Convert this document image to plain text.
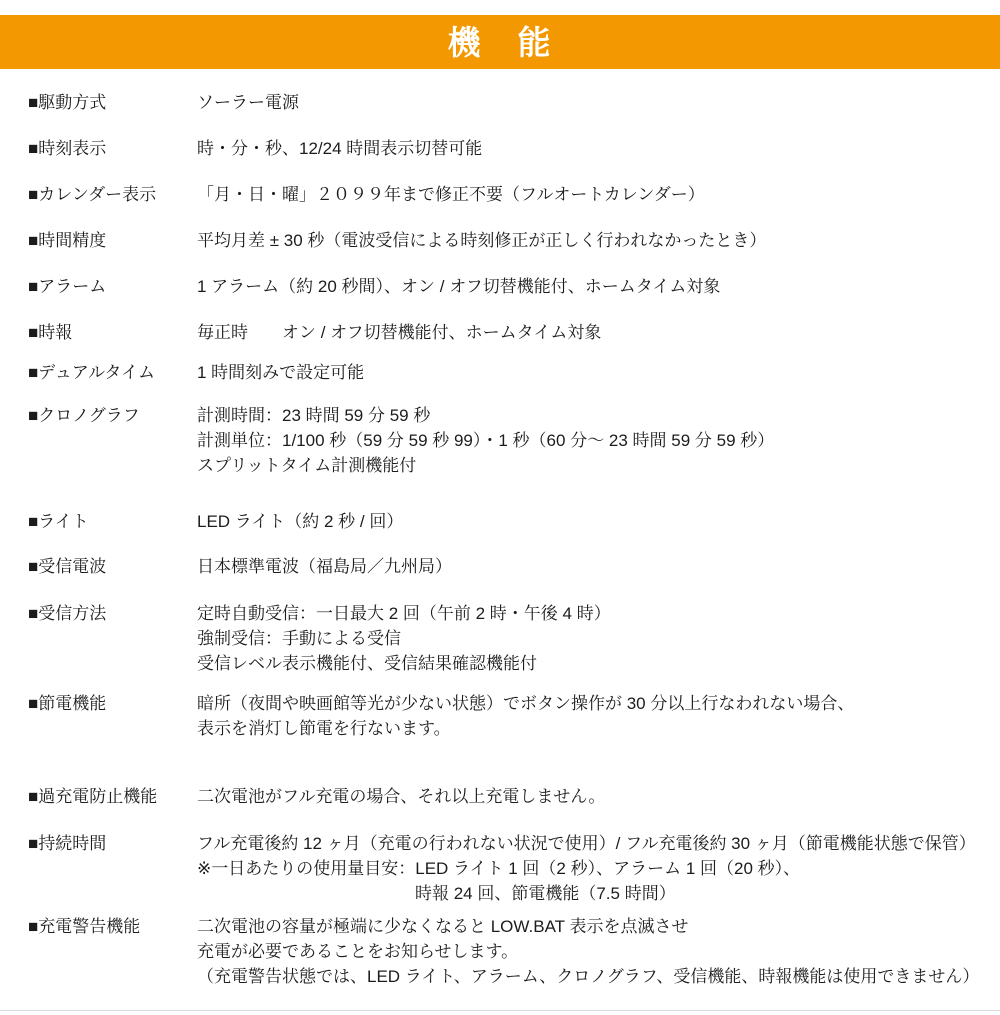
機　能
■駆動方式	ソーラー電源
■時刻表示	時・分・秒、12/24 時間表示切替可能
■カレンダー表示	「月・日・曜」２０９９年まで修正不要（フルオートカレンダー）
■時間精度	平均月差 ± 30 秒（電波受信による時刻修正が正しく行われなかったとき）
■アラーム	1 アラーム（約 20 秒間）、オン / オフ切替機能付、ホームタイム対象
■時報	毎正時　　オン / オフ切替機能付、ホームタイム対象
■デュアルタイム	1 時間刻みで設定可能
■クロノグラフ	計測時間：23 時間 59 分 59 秒
計測単位：1/100 秒（59 分 59 秒 99）・1 秒（60 分〜 23 時間 59 分 59 秒）
スプリットタイム計測機能付
■ライト	LED ライト（約 2 秒 / 回）
■受信電波	日本標準電波（福島局／九州局）
■受信方法	定時自動受信：一日最大 2 回（午前 2 時・午後 4 時）
強制受信：手動による受信
受信レベル表示機能付、受信結果確認機能付
■節電機能	暗所（夜間や映画館等光が少ない状態）でボタン操作が 30 分以上行なわれない場合、
表示を消灯し節電を行ないます。
■過充電防止機能	二次電池がフル充電の場合、それ以上充電しません。
■持続時間	フル充電後約 12 ヶ月（充電の行われない状況で使用）/ フル充電後約 30 ヶ月（節電機能状態で保管）
※一日あたりの使用量目安：LED ライト 1 回（2 秒）、アラーム 1 回（20 秒）、
時報 24 回、節電機能（7.5 時間）
■充電警告機能	二次電池の容量が極端に少なくなると LOW.BAT 表示を点滅させ
充電が必要であることをお知らせします。
（充電警告状態では、LED ライト、アラーム、クロノグラフ、受信機能、時報機能は使用できません）
